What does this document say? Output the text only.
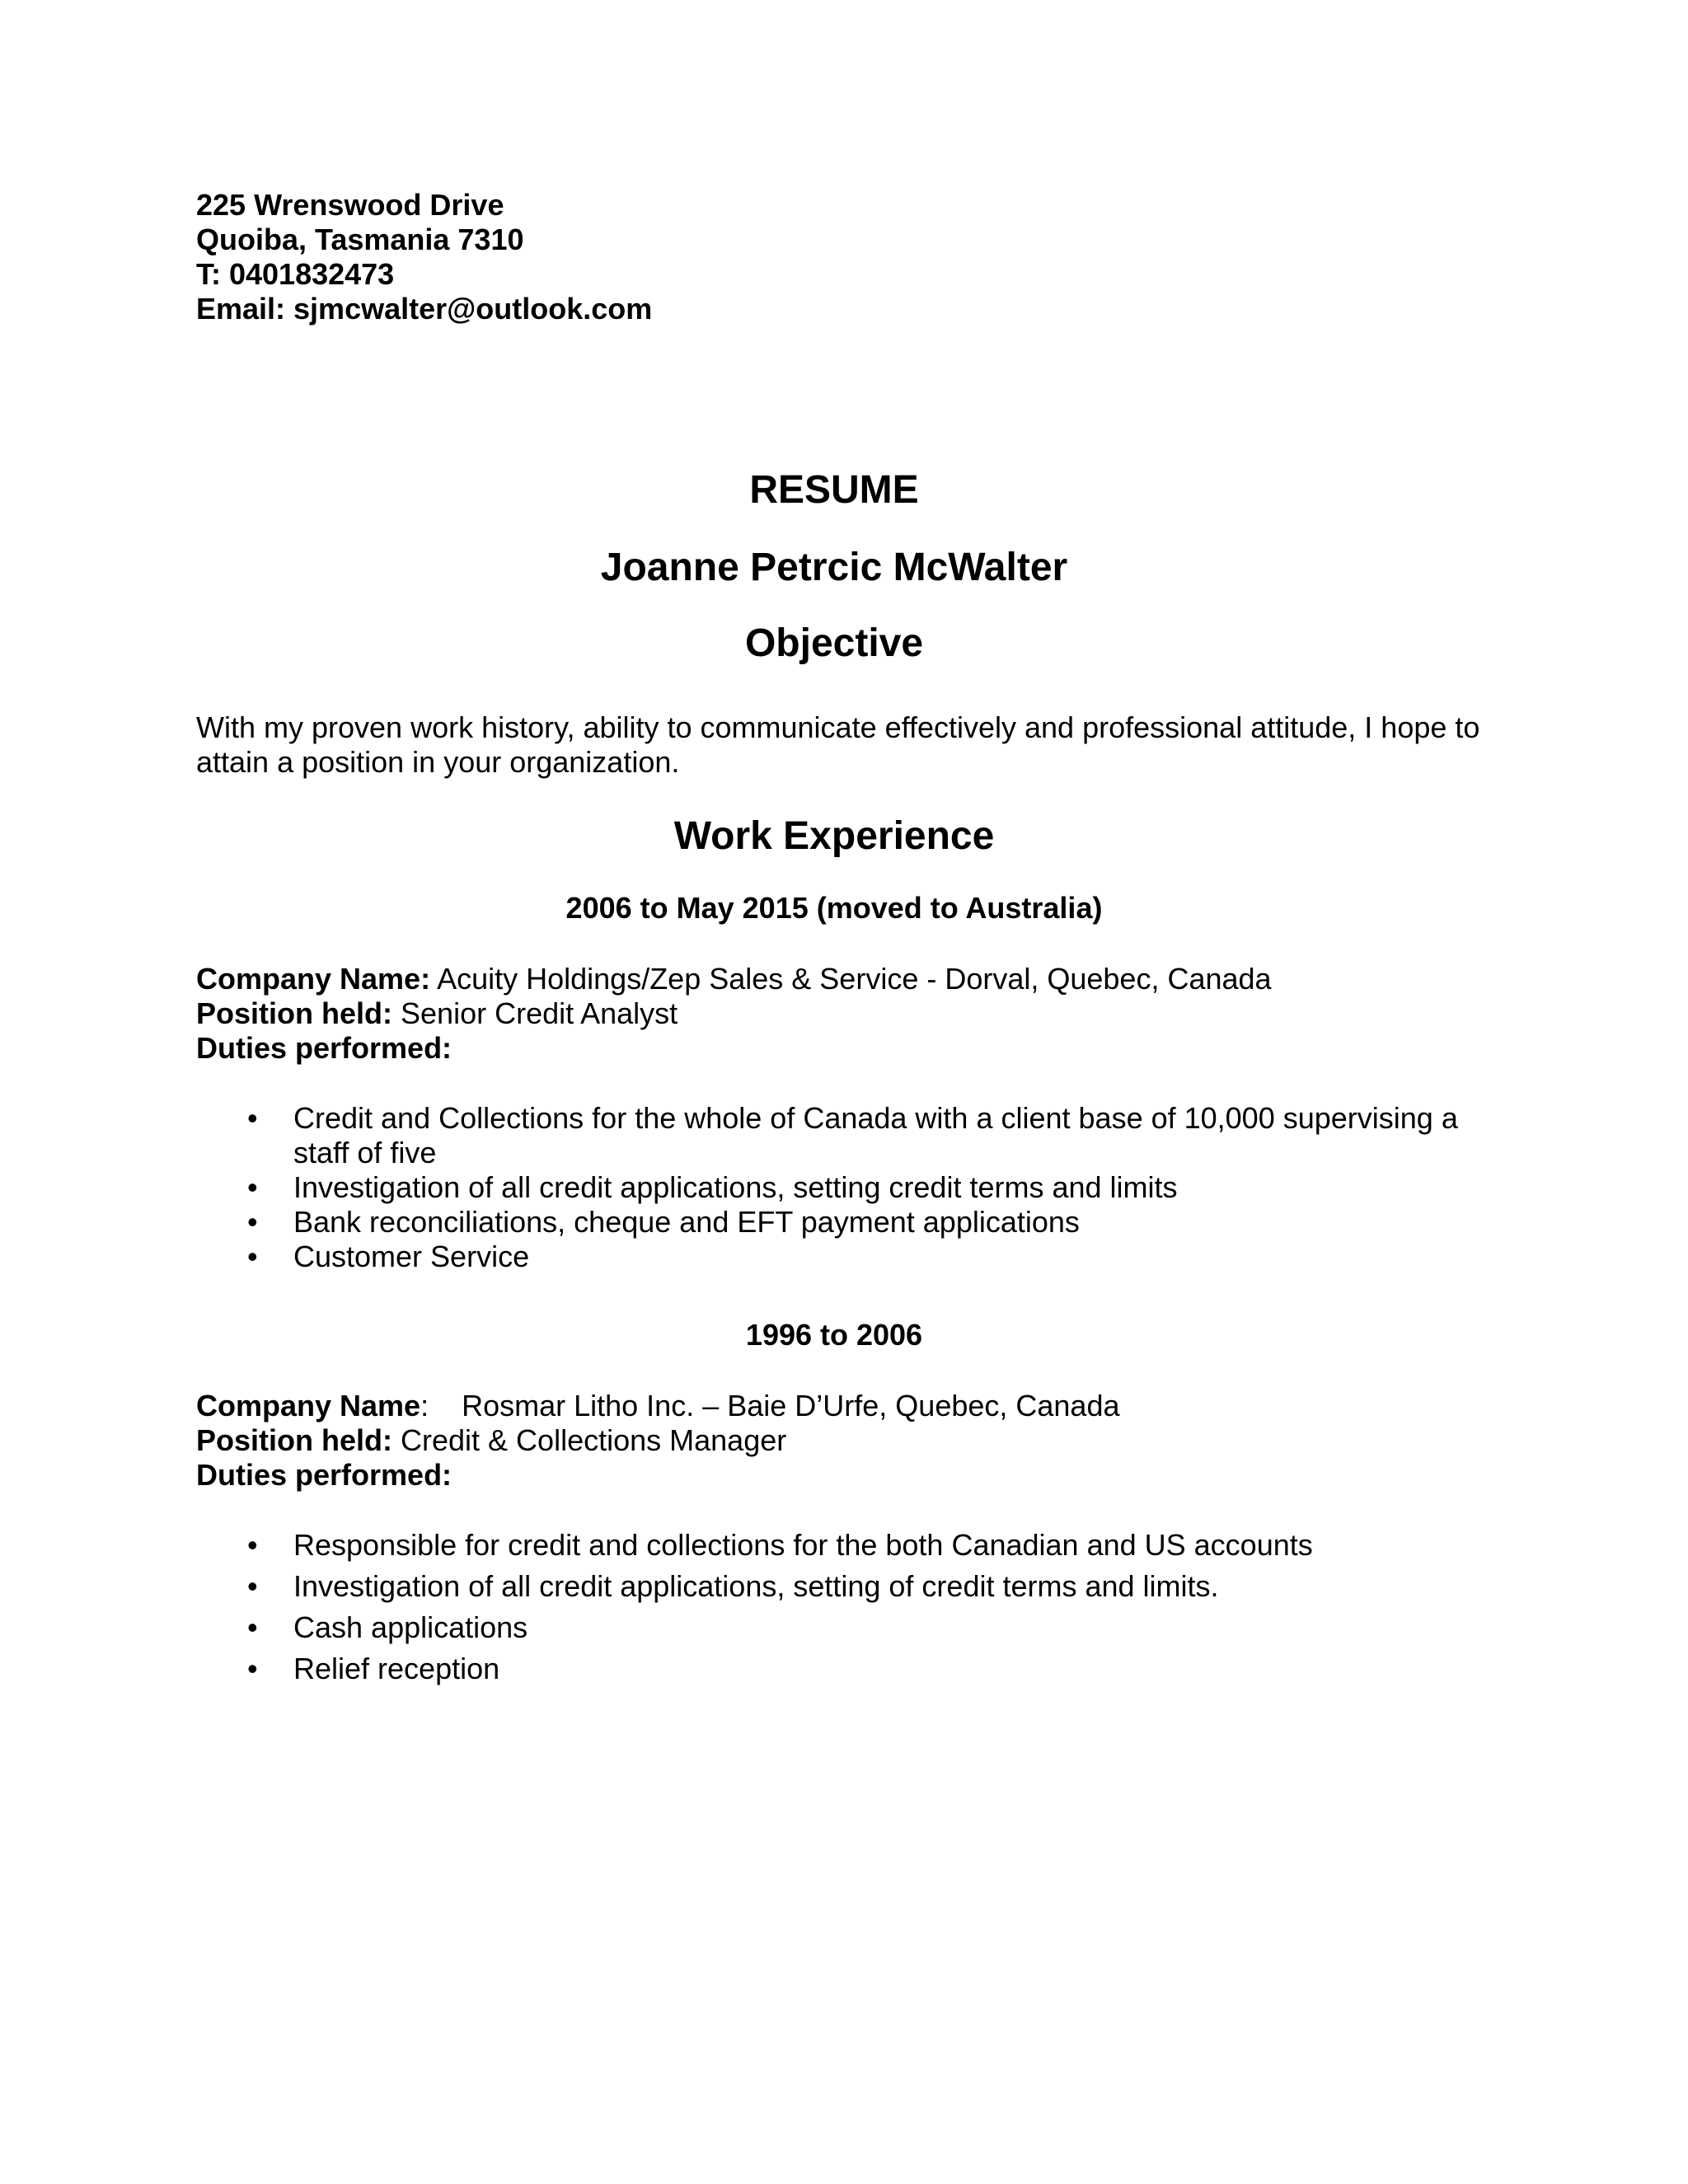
225 Wrenswood Drive
Quoiba, Tasmania 7310
T: 0401832473
Email: sjmcwalter@outlook.com
RESUME
Joanne Petrcic McWalter
Objective
With my proven work history, ability to communicate effectively and professional attitude, I hope to attain a position in your organization.
Work Experience
2006 to May 2015 (moved to Australia)
Company Name: Acuity Holdings/Zep Sales & Service - Dorval, Quebec, Canada
Position held: Senior Credit Analyst
Duties performed:
• Credit and Collections for the whole of Canada with a client base of 10,000 supervising a staff of five
• Investigation of all credit applications, setting credit terms and limits
• Bank reconciliations, cheque and EFT payment applications
• Customer Service
1996 to 2006
Company Name: Rosmar Litho Inc. – Baie D’Urfe, Quebec, Canada
Position held: Credit & Collections Manager
Duties performed:
• Responsible for credit and collections for the both Canadian and US accounts
• Investigation of all credit applications, setting of credit terms and limits.
• Cash applications
• Relief reception
